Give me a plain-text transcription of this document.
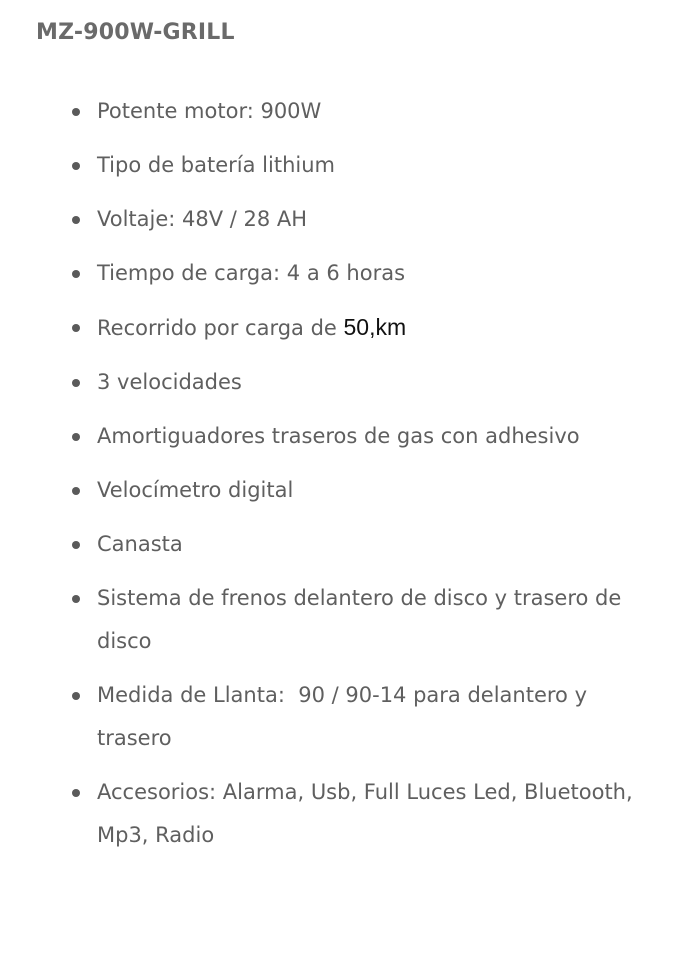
MZ-900W-GRILL
Potente motor: 900W
Tipo de batería lithium
Voltaje: 48V / 28 AH
Tiempo de carga: 4 a 6 horas
Recorrido por carga de 50,km
3 velocidades
Amortiguadores traseros de gas con adhesivo
Velocímetro digital
Canasta
Sistema de frenos delantero de disco y trasero de disco
Medida de Llanta:  90 / 90-14 para delantero y trasero
Accesorios: Alarma, Usb, Full Luces Led, Bluetooth, Mp3, Radio
